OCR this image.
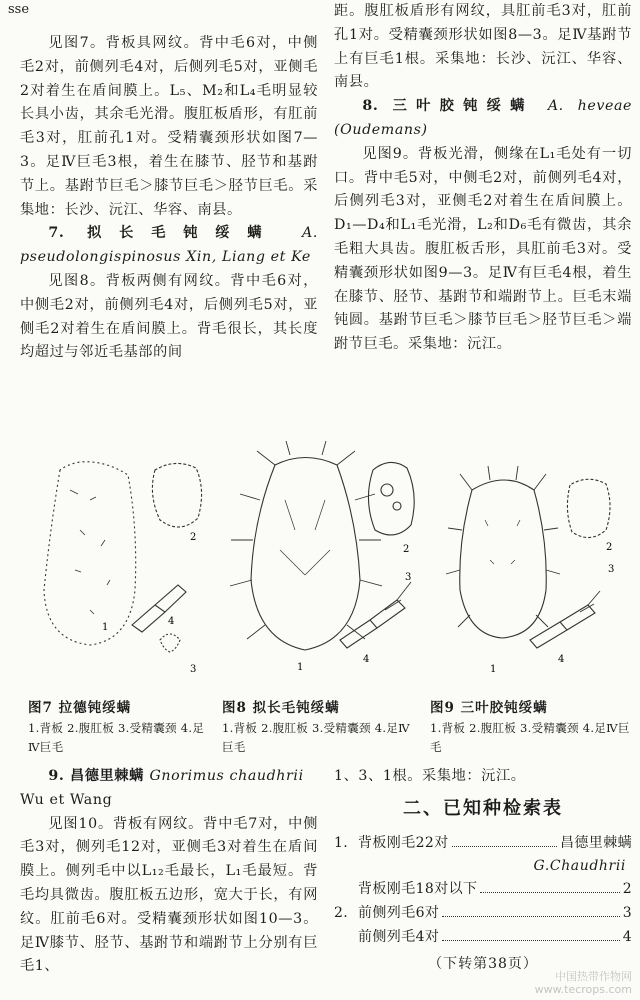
sse

见图7。背板具网纹。背中毛6对，中侧毛2对，前侧列毛4对，后侧列毛5对，亚侧毛2对着生在盾间膜上。L₅、M₂和L₄毛明显较长具小齿，其余毛光滑。腹肛板盾形，有肛前毛3对，肛前孔1对。受精囊颈形状如图7—3。足Ⅳ巨毛3根，着生在膝节、胫节和基跗节上。基跗节巨毛＞膝节巨毛＞胫节巨毛。采集地：长沙、沅江、华容、南县。

7. 拟长毛钝绥螨 A. pseudolongispinosus Xin, Liang et Ke

见图8。背板两侧有网纹。背中毛6对，中侧毛2对，前侧列毛4对，后侧列毛5对，亚侧毛2对着生在盾间膜上。背毛很长，其长度均超过与邻近毛基部的间

距。腹肛板盾形有网纹，具肛前毛3对，肛前孔1对。受精囊颈形状如图8—3。足Ⅳ基跗节上有巨毛1根。采集地：长沙、沅江、华容、南县。

8. 三叶胶钝绥螨 A. heveae (Oudemans)

见图9。背板光滑，侧缘在L₁毛处有一切口。背中毛5对，中侧毛2对，前侧列毛4对，后侧列毛3对，亚侧毛2对着生在盾间膜上。D₁—D₄和L₁毛光滑，L₂和D₆毛有微齿，其余毛粗大具齿。腹肛板舌形，具肛前毛3对。受精囊颈形状如图9—3。足Ⅳ有巨毛4根，着生在膝节、胫节、基跗节和端跗节上。巨毛末端钝圆。基跗节巨毛＞膝节巨毛＞胫节巨毛＞端跗节巨毛。采集地：沅江。

1
2
3
4
1
2
3
4
1
2
3
4
图7 拉德钝绥螨
1.背板 2.腹肛板 3.受精囊颈 4.足Ⅳ巨毛
图8 拟长毛钝绥螨
1.背板 2.腹肛板 3.受精囊颈 4.足Ⅳ巨毛
图9 三叶胶钝绥螨
1.背板 2.腹肛板 3.受精囊颈 4.足Ⅳ巨毛

9. 昌德里棘螨 Gnorimus chaudhrii

Wu et Wang

见图10。背板有网纹。背中毛7对，中侧毛3对，侧列毛12对，亚侧毛3对着生在盾间膜上。侧列毛中以L₁₂毛最长，L₁毛最短。背毛均具微齿。腹肛板五边形，宽大于长，有网纹。肛前毛6对。受精囊颈形状如图10—3。足Ⅳ膝节、胫节、基跗节和端跗节上分别有巨毛1、

1、3、1根。采集地：沅江。

二、已知种检索表
1. 背板刚毛22对	昌德里棘螨
G.Chaudhrii
背板刚毛18对以下	2
2. 前侧列毛6对	3
前侧列毛4对	4
（下转第38页）
中国热带作物网
www.tecrops.com
